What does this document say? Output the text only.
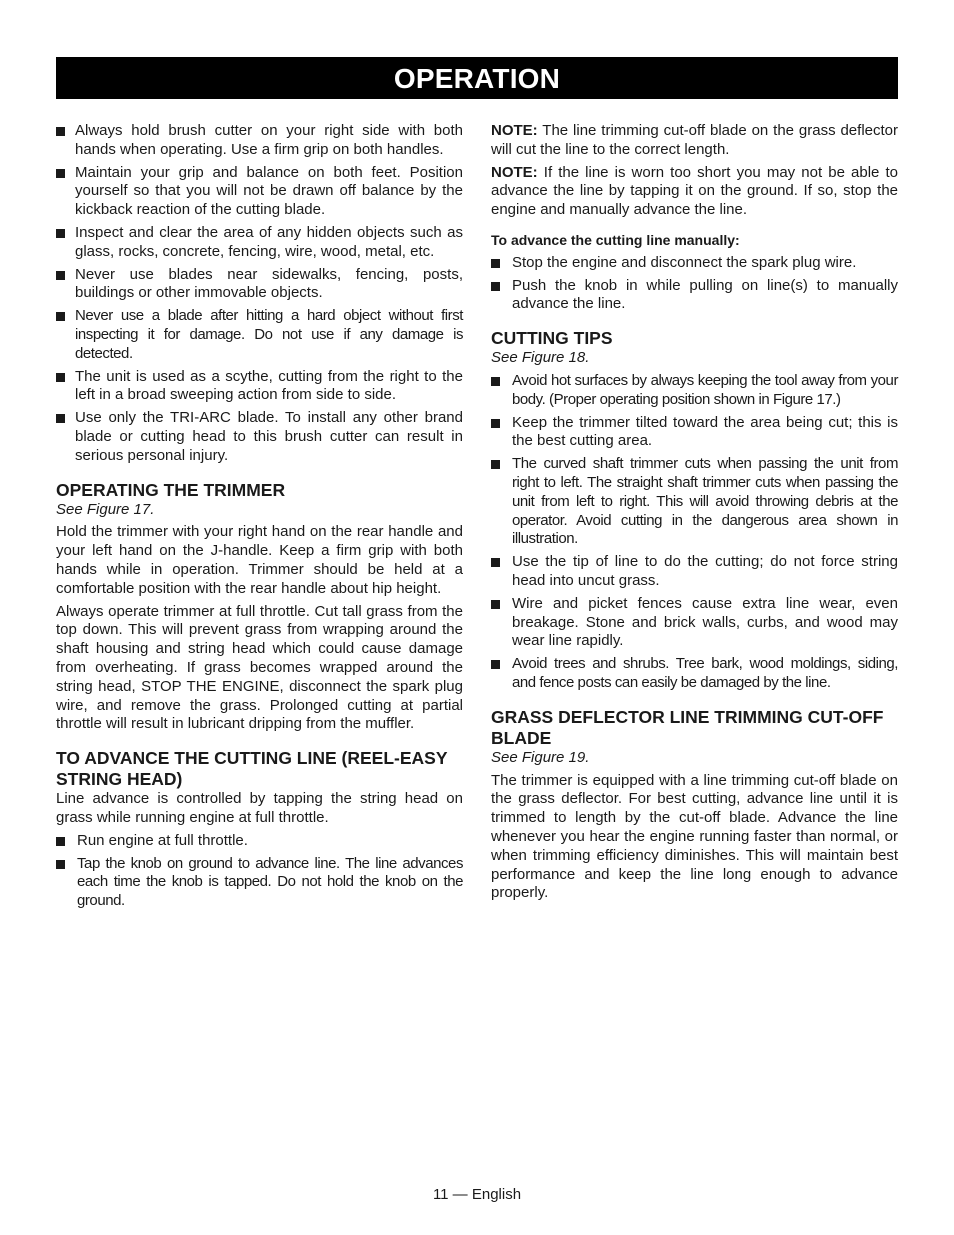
OPERATION
Always hold brush cutter on your right side with both hands when operating. Use a firm grip on both handles.
Maintain your grip and balance on both feet. Position yourself so that you will not be drawn off balance by the kickback reaction of the cutting blade.
Inspect and clear the area of any hidden objects such as glass, rocks, concrete, fencing, wire, wood, metal, etc.
Never use blades near sidewalks, fencing, posts, buildings or other immovable objects.
Never use a blade after hitting a hard object without first inspecting it for damage. Do not use if any damage is detected.
The unit is used as a scythe, cutting from the right to the left in a broad sweeping action from side to side.
Use only the TRI-ARC blade. To install any other brand blade or cutting head to this brush cutter can result in serious personal injury.
OPERATING THE TRIMMER

See Figure 17.

Hold the trimmer with your right hand on the rear handle and your left hand on the J-handle. Keep a firm grip with both hands while in operation. Trimmer should be held at a comfortable position with the rear handle about hip height.

Always operate trimmer at full throttle. Cut tall grass from the top down. This will prevent grass from wrapping around the shaft housing and string head which could cause damage from overheating. If grass becomes wrapped around the string head, STOP THE ENGINE, disconnect the spark plug wire, and remove the grass. Prolonged cutting at partial throttle will result in lubricant dripping from the muffler.

TO ADVANCE THE CUTTING LINE (REEL-EASY STRING HEAD)

Line advance is controlled by tapping the string head on grass while running engine at full throttle.

Run engine at full throttle.
Tap the knob on ground to advance line. The line advances each time the knob is tapped. Do not hold the knob on the ground.

NOTE: The line trimming cut-off blade on the grass deflector will cut the line to the correct length.

NOTE: If the line is worn too short you may not be able to advance the line by tapping it on the ground. If so, stop the engine and manually advance the line.

To advance the cutting line manually:
Stop the engine and disconnect the spark plug wire.
Push the knob in while pulling on line(s) to manually advance the line.
CUTTING TIPS

See Figure 18.

Avoid hot surfaces by always keeping the tool away from your body. (Proper operating position shown in Figure 17.)
Keep the trimmer tilted toward the area being cut; this is the best cutting area.
The curved shaft trimmer cuts when passing the unit from right to left. The straight shaft trimmer cuts when passing the unit from left to right. This will avoid throwing debris at the operator. Avoid cutting in the dangerous area shown in illustration.
Use the tip of line to do the cutting; do not force string head into uncut grass.
Wire and picket fences cause extra line wear, even breakage. Stone and brick walls, curbs, and wood may wear line rapidly.
Avoid trees and shrubs. Tree bark, wood moldings, siding, and fence posts can easily be damaged by the line.
GRASS DEFLECTOR LINE TRIMMING CUT-OFF BLADE

See Figure 19.

The trimmer is equipped with a line trimming cut-off blade on the grass deflector. For best cutting, advance line until it is trimmed to length by the cut-off blade. Advance the line whenever you hear the engine running faster than normal, or when trimming efficiency diminishes. This will maintain best performance and keep the line long enough to advance properly.

11 — English
